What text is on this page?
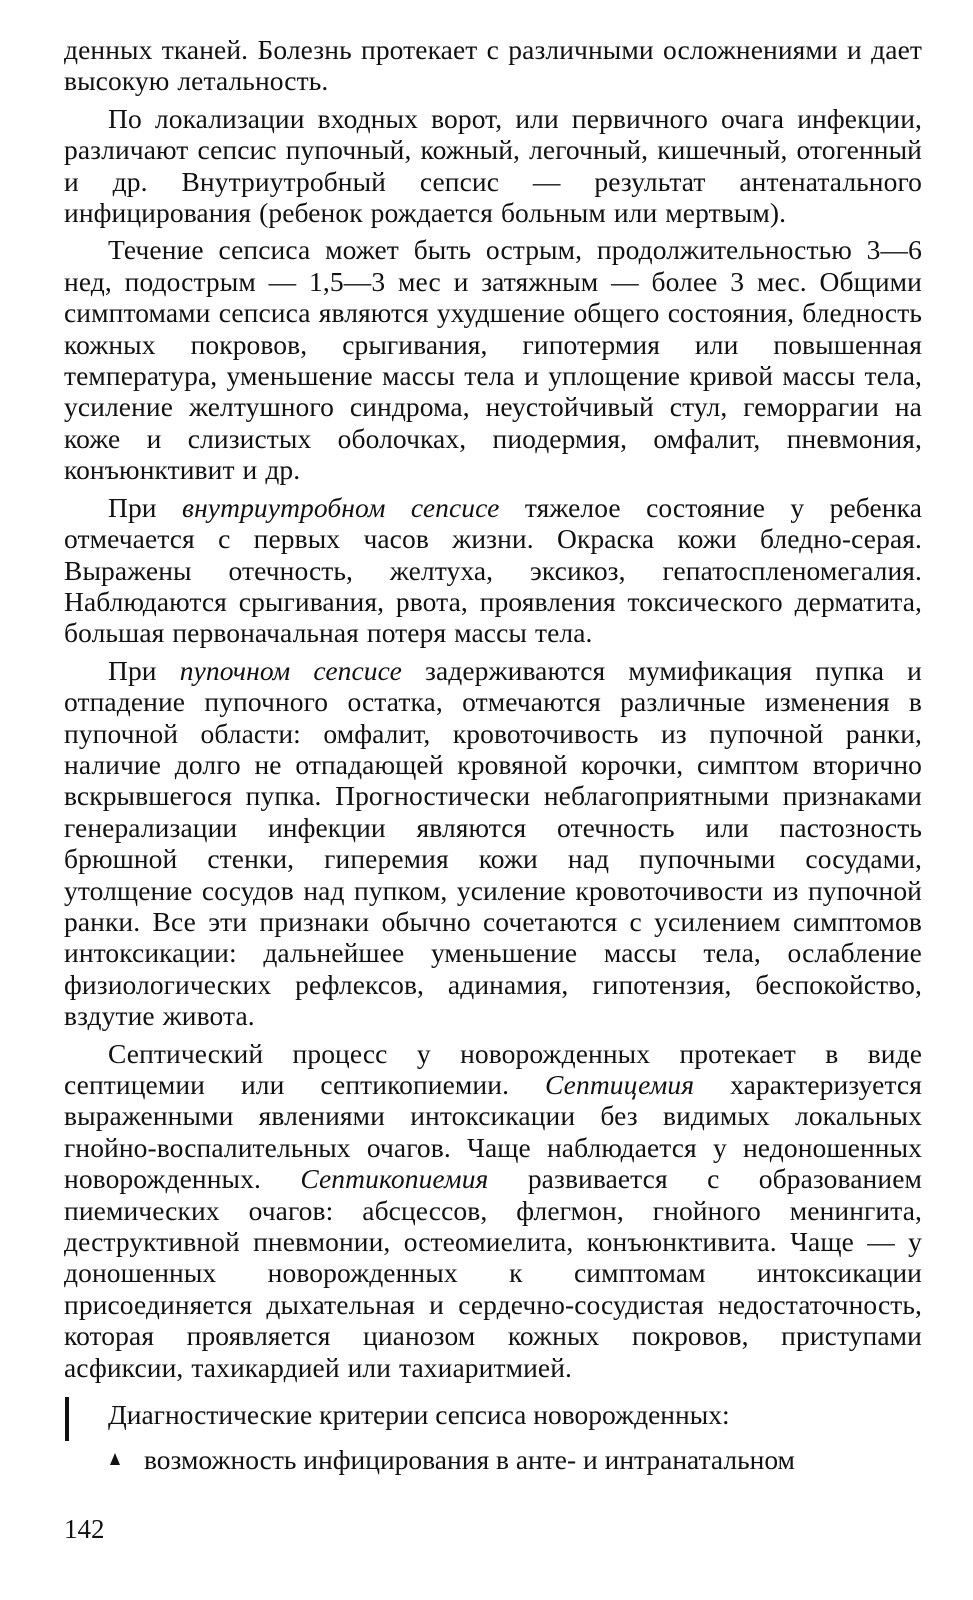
денных тканей. Болезнь протекает с различными осложнениями и дает высокую летальность.

По локализации входных ворот, или первичного очага инфекции, различают сепсис пупочный, кожный, легочный, кишечный, отогенный и др. Внутриутробный сепсис — результат антенатального инфицирования (ребенок рождается больным или мертвым).

Течение сепсиса может быть острым, продолжительностью 3—6 нед, подострым — 1,5—3 мес и затяжным — более 3 мес. Общими симптомами сепсиса являются ухудшение общего состояния, бледность кожных покровов, срыгивания, гипотермия или повышенная температура, уменьшение массы тела и уплощение кривой массы тела, усиление желтушного синдрома, неустойчивый стул, геморрагии на коже и слизистых оболочках, пиодермия, омфалит, пневмония, конъюнктивит и др.

При внутриутробном сепсисе тяжелое состояние у ребенка отмечается с первых часов жизни. Окраска кожи бледно-серая. Выражены отечность, желтуха, эксикоз, гепатоспленомегалия. Наблюдаются срыгивания, рвота, проявления токсического дерматита, большая первоначальная потеря массы тела.

При пупочном сепсисе задерживаются мумификация пупка и отпадение пупочного остатка, отмечаются различные изменения в пупочной области: омфалит, кровоточивость из пупочной ранки, наличие долго не отпадающей кровяной корочки, симптом вторично вскрывшегося пупка. Прогностически неблагоприятными признаками генерализации инфекции являются отечность или пастозность брюшной стенки, гиперемия кожи над пупочными сосудами, утолщение сосудов над пупком, усиление кровоточивости из пупочной ранки. Все эти признаки обычно сочетаются с усилением симптомов интоксикации: дальнейшее уменьшение массы тела, ослабление физиологических рефлексов, адинамия, гипотензия, беспокойство, вздутие живота.

Септический процесс у новорожденных протекает в виде септицемии или септикопиемии. Септицемия характеризуется выраженными явлениями интоксикации без видимых локальных гнойно-воспалительных очагов. Чаще наблюдается у недоношенных новорожденных. Септикопиемия развивается с образованием пиемических очагов: абсцессов, флегмон, гнойного менингита, деструктивной пневмонии, остеомиелита, конъюнктивита. Чаще — у доношенных новорожденных к симптомам интоксикации присоединяется дыхательная и сердечно-сосудистая недостаточность, которая проявляется цианозом кожных покровов, приступами асфиксии, тахикардией или тахиаритмией.

Диагностические критерии сепсиса новорожденных:
возможность инфицирования в анте- и интранатальном
142
